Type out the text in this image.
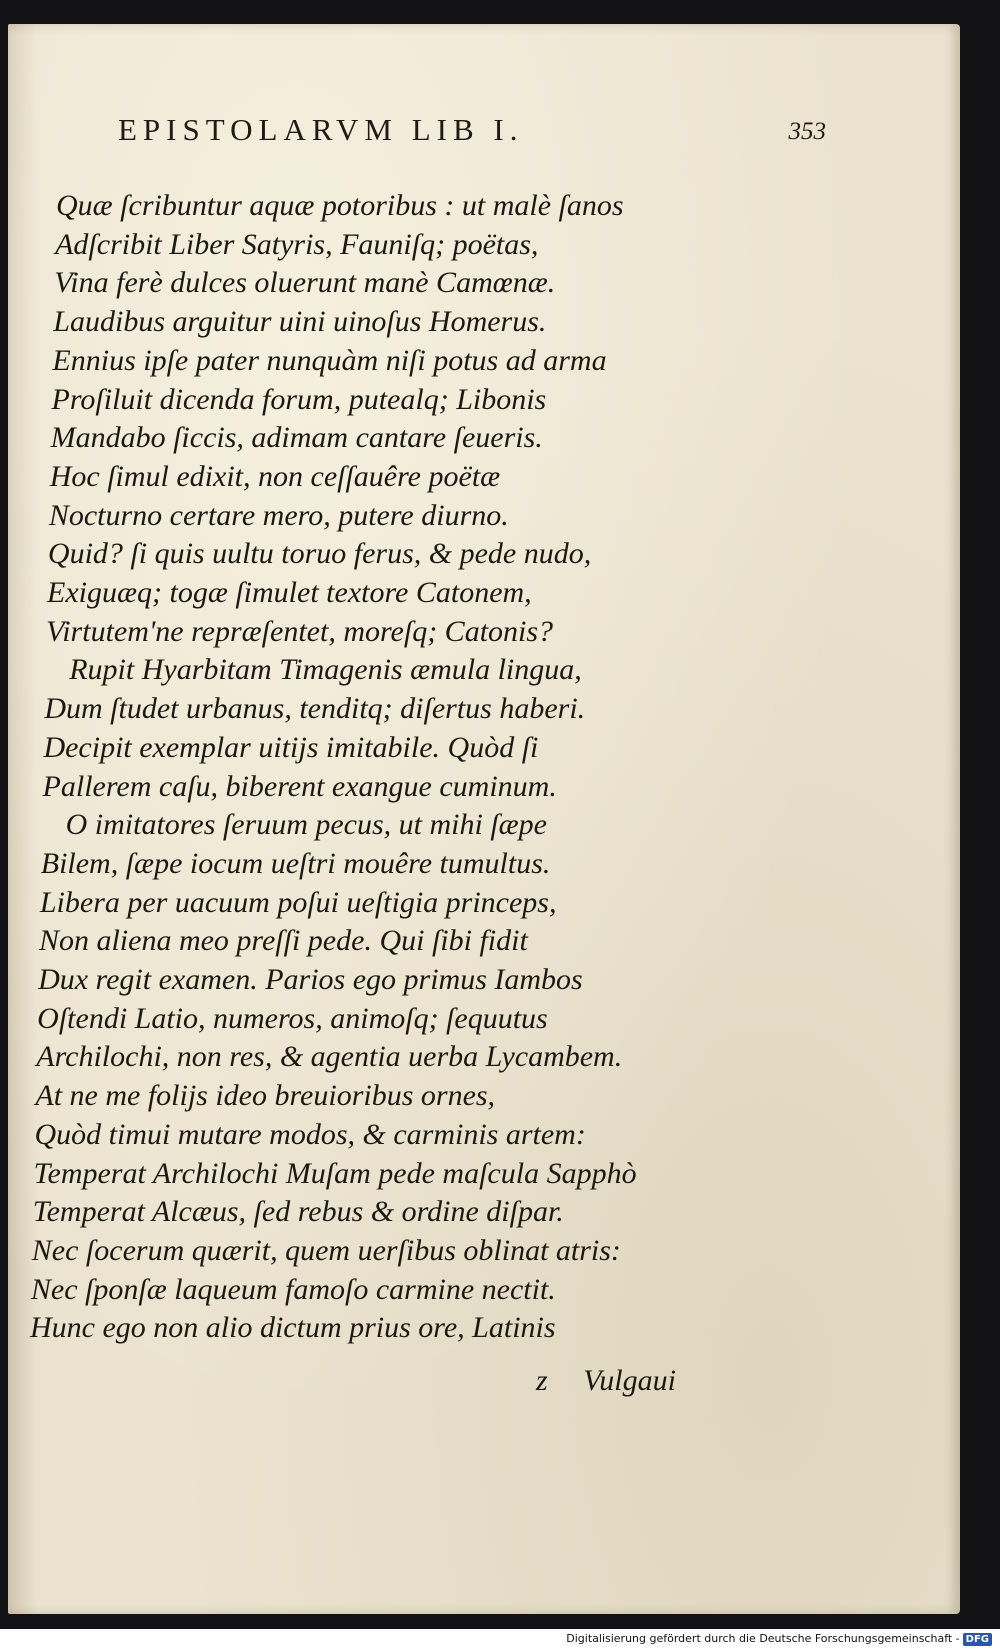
EPISTOLARVM LIB I.	353
Quæ ſcribuntur aquæ potoribus : ut malè ſanos
Adſcribit Liber Satyris, Fauniſq; poëtas,
Vina ferè dulces oluerunt manè Camœnæ.
Laudibus arguitur uini uinoſus Homerus.
Ennius ipſe pater nunquàm niſi potus ad arma
Proſiluit dicenda forum, putealq; Libonis
Mandabo ſiccis, adimam cantare ſeueris.
Hoc ſimul edixit, non ceſſauêre poëtæ
Nocturno certare mero, putere diurno.
Quid? ſi quis uultu toruo ferus, & pede nudo,
Exiguæq; togæ ſimulet textore Catonem,
Virtutem'ne repræſentet, moreſq; Catonis?
Rupit Hyarbitam Timagenis æmula lingua,
Dum ſtudet urbanus, tenditq; diſertus haberi.
Decipit exemplar uitijs imitabile. Quòd ſi
Pallerem caſu, biberent exangue cuminum.
O imitatores ſeruum pecus, ut mihi ſæpe
Bilem, ſæpe iocum ueſtri mouêre tumultus.
Libera per uacuum poſui ueſtigia princeps,
Non aliena meo preſſi pede. Qui ſibi fidit
Dux regit examen. Parios ego primus Iambos
Oſtendi Latio, numeros, animoſq; ſequutus
Archilochi, non res, & agentia uerba Lycambem.
At ne me folijs ideo breuioribus ornes,
Quòd timui mutare modos, & carminis artem:
Temperat Archilochi Muſam pede maſcula Sapphò
Temperat Alcæus, ſed rebus & ordine diſpar.
Nec ſocerum quærit, quem uerſibus oblinat atris:
Nec ſponſæ laqueum famoſo carmine nectit.
Hunc ego non alio dictum prius ore, Latinis
z Vulgaui
Digitalisierung gefördert durch die Deutsche Forschungsgemeinschaft - DFG
